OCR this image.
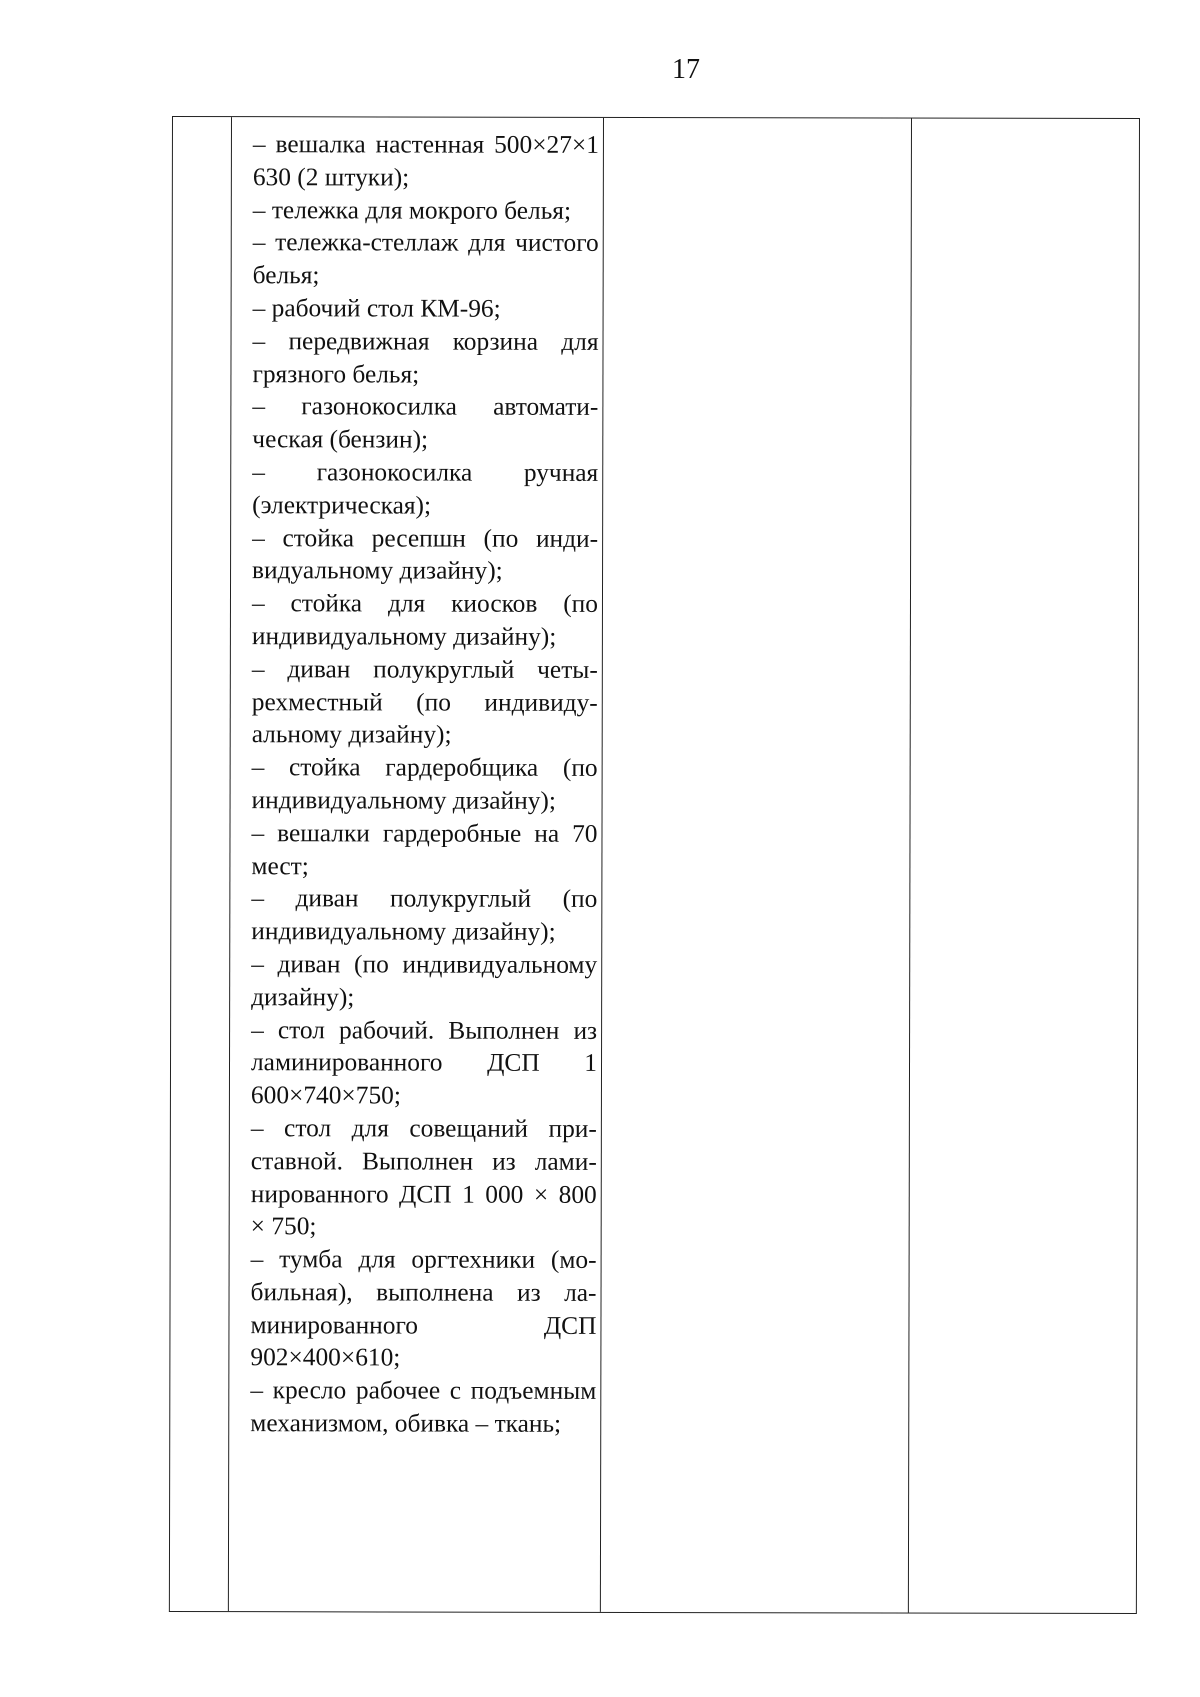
17

– вешалка настенная 500×27×1 630 (2 штуки);

– тележка для мокрого белья;

– тележка-стеллаж для чистого белья;

– рабочий стол КМ-96;

– передвижная корзина для грязного белья;

– газонокосилка автоматическая (бензин);

– газонокосилка ручная (электрическая);

– стойка ресепшн (по индивидуальному дизайну);

– стойка для киосков (по индивидуальному дизайну);

– диван полукруглый четырехместный (по индивидуальному дизайну);

– стойка гардеробщика (по индивидуальному дизайну);

– вешалки гардеробные на 70 мест;

– диван полукруглый (по индивидуальному дизайну);

– диван (по индивидуальному дизайну);

– стол рабочий. Выполнен из ламинированного ДСП 1 600×740×750;

– стол для совещаний приставной. Выполнен из ламинированного ДСП 1 000 × 800 × 750;

– тумба для оргтехники (мобильная), выполнена из ламинированного ДСП 902×400×610;

– кресло рабочее с подъемным механизмом, обивка – ткань;
